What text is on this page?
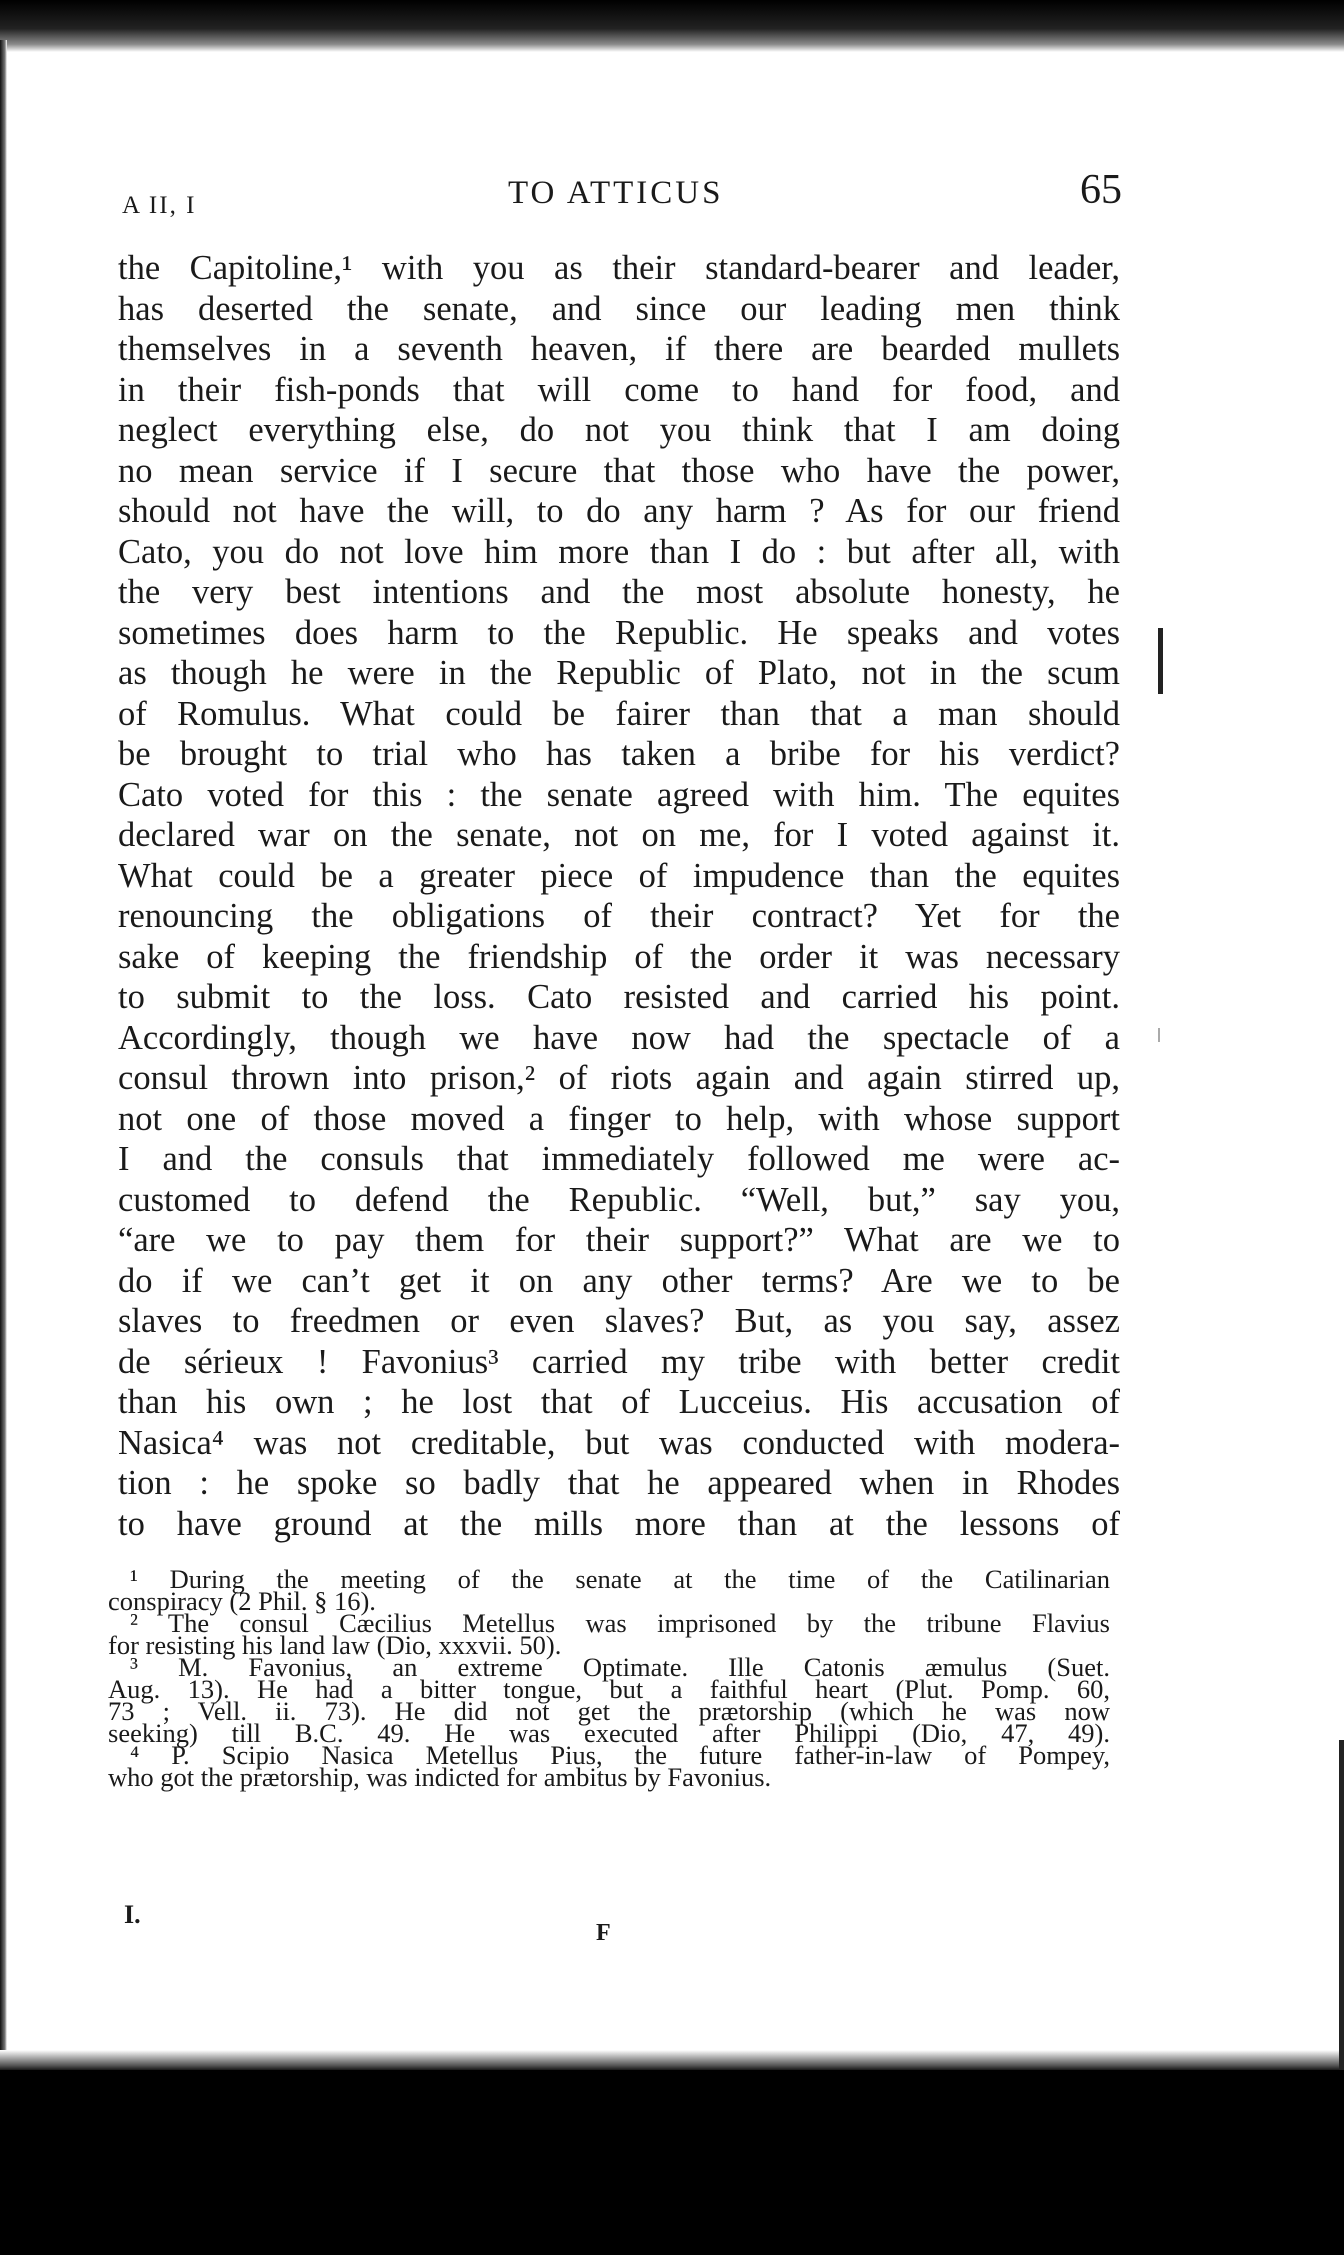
A II, I	TO ATTICUS	65
the Capitoline,¹ with you as their standard-bearer and leader,
has deserted the senate, and since our leading men think
themselves in a seventh heaven, if there are bearded mullets
in their fish-ponds that will come to hand for food, and
neglect everything else, do not you think that I am doing
no mean service if I secure that those who have the power,
should not have the will, to do any harm ? As for our friend
Cato, you do not love him more than I do : but after all, with
the very best intentions and the most absolute honesty, he
sometimes does harm to the Republic. He speaks and votes
as though he were in the Republic of Plato, not in the scum
of Romulus. What could be fairer than that a man should
be brought to trial who has taken a bribe for his verdict?
Cato voted for this : the senate agreed with him. The equites
declared war on the senate, not on me, for I voted against it.
What could be a greater piece of impudence than the equites
renouncing the obligations of their contract? Yet for the
sake of keeping the friendship of the order it was necessary
to submit to the loss. Cato resisted and carried his point.
Accordingly, though we have now had the spectacle of a
consul thrown into prison,² of riots again and again stirred up,
not one of those moved a finger to help, with whose support
I and the consuls that immediately followed me were ac-
customed to defend the Republic. “Well, but,” say you,
“are we to pay them for their support?” What are we to
do if we can’t get it on any other terms? Are we to be
slaves to freedmen or even slaves? But, as you say, assez
de sérieux ! Favonius³ carried my tribe with better credit
than his own ; he lost that of Lucceius. His accusation of
Nasica⁴ was not creditable, but was conducted with modera-
tion : he spoke so badly that he appeared when in Rhodes
to have ground at the mills more than at the lessons of
¹ During the meeting of the senate at the time of the Catilinarian
conspiracy (2 Phil. § 16).
² The consul Cæcilius Metellus was imprisoned by the tribune Flavius
for resisting his land law (Dio, xxxvii. 50).
³ M. Favonius, an extreme Optimate. Ille Catonis æmulus (Suet.
Aug. 13). He had a bitter tongue, but a faithful heart (Plut. Pomp. 60,
73 ; Vell. ii. 73). He did not get the prætorship (which he was now
seeking) till B.C. 49. He was executed after Philippi (Dio, 47, 49).
⁴ P. Scipio Nasica Metellus Pius, the future father-in-law of Pompey,
who got the prætorship, was indicted for ambitus by Favonius.
I.
F
